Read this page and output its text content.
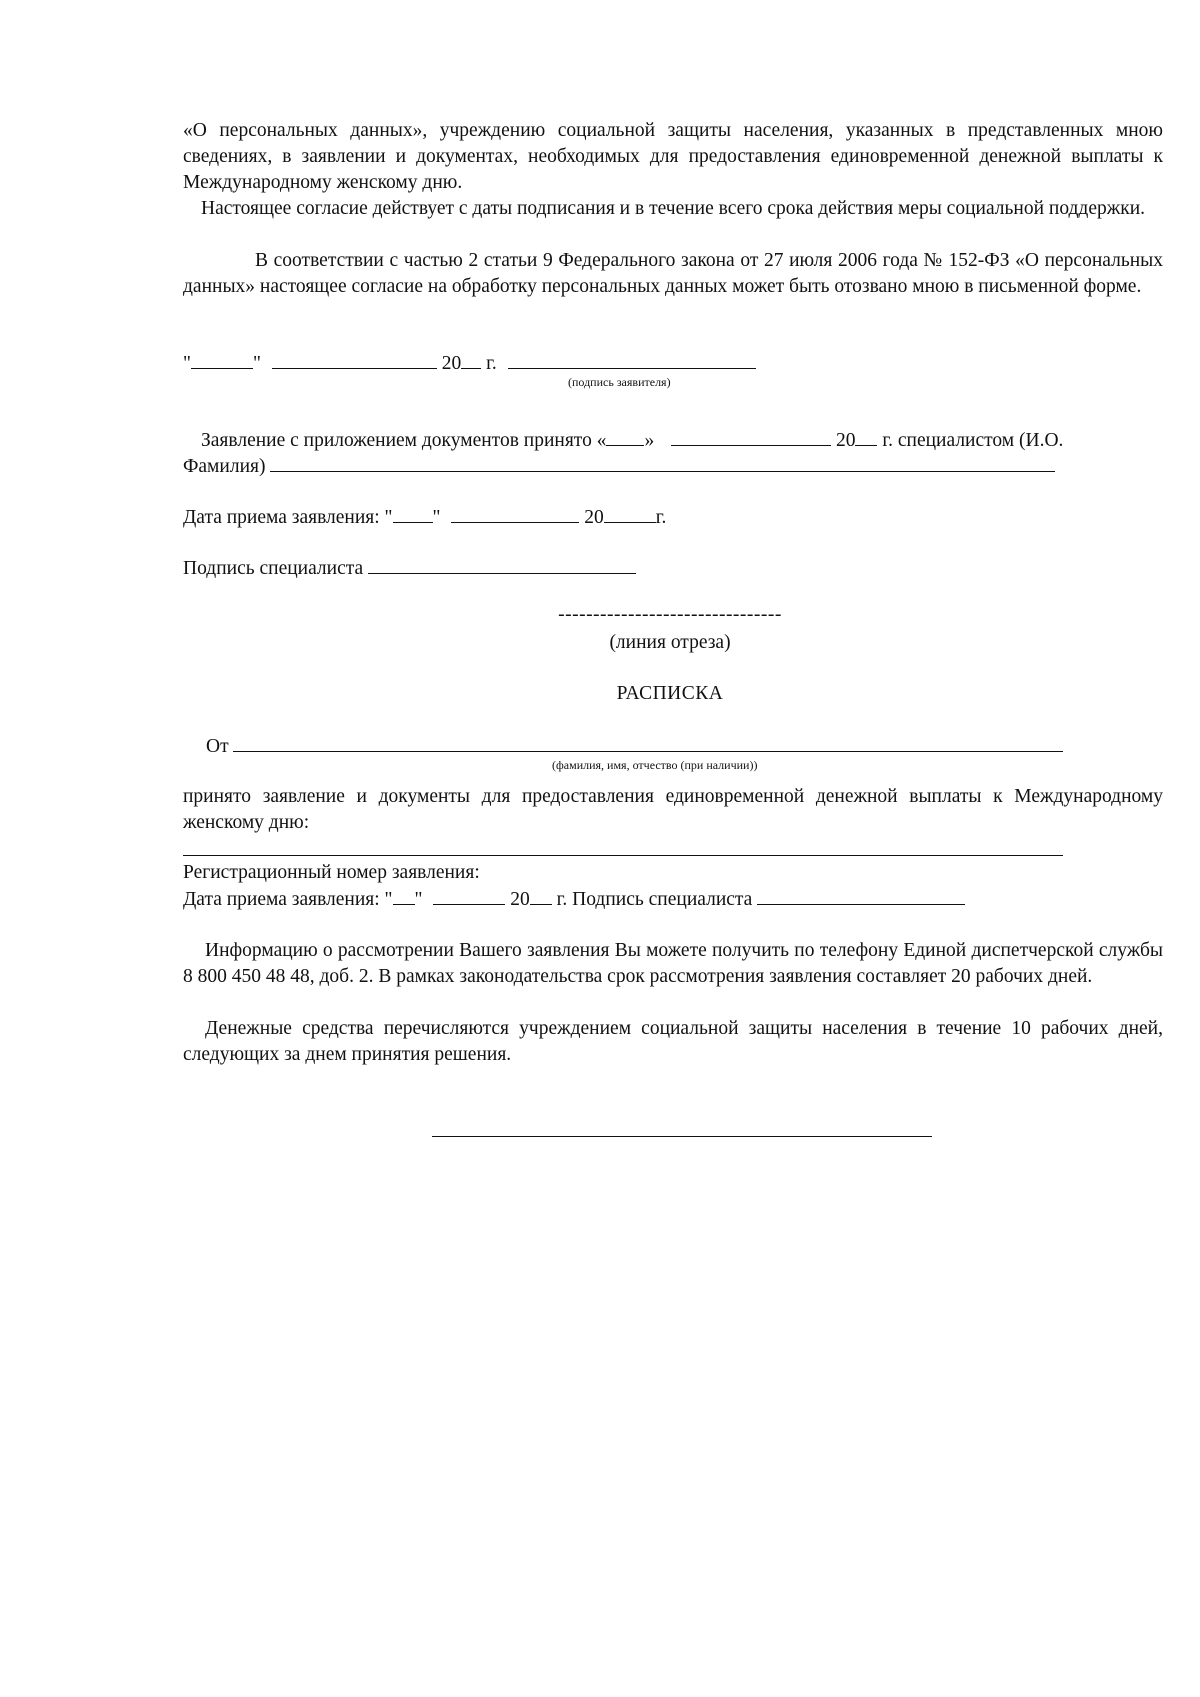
«О персональных данных», учреждению социальной защиты населения, указанных в представленных мною сведениях, в заявлении и документах, необходимых для предоставления единовременной денежной выплаты к Международному женскому дню.
Настоящее согласие действует с даты подписания и в течение всего срока действия меры социальной поддержки.
В соответствии с частью 2 статьи 9 Федерального закона от 27 июля 2006 года № 152-ФЗ «О персональных данных» настоящее согласие на обработку персональных данных может быть отозвано мною в письменной форме.
"	"	20 г.
(подпись заявителя)
Заявление с приложением документов принято « »	20 г. специалистом (И.О.
Фамилия)
Дата приема заявления: " "	20	г.
Подпись специалиста
--------------------------------
(линия отреза)
РАСПИСКА
От
(фамилия, имя, отчество (при наличии))
принято заявление и документы для предоставления единовременной денежной выплаты к Международному женскому дню:
Регистрационный номер заявления:
Дата приема заявления: " "	20 г. Подпись специалиста
Информацию о рассмотрении Вашего заявления Вы можете получить по телефону Единой диспетчерской службы 8 800 450 48 48, доб. 2. В рамках законодательства срок рассмотрения заявления составляет 20 рабочих дней.
Денежные средства перечисляются учреждением социальной защиты населения в течение 10 рабочих дней, следующих за днем принятия решения.
